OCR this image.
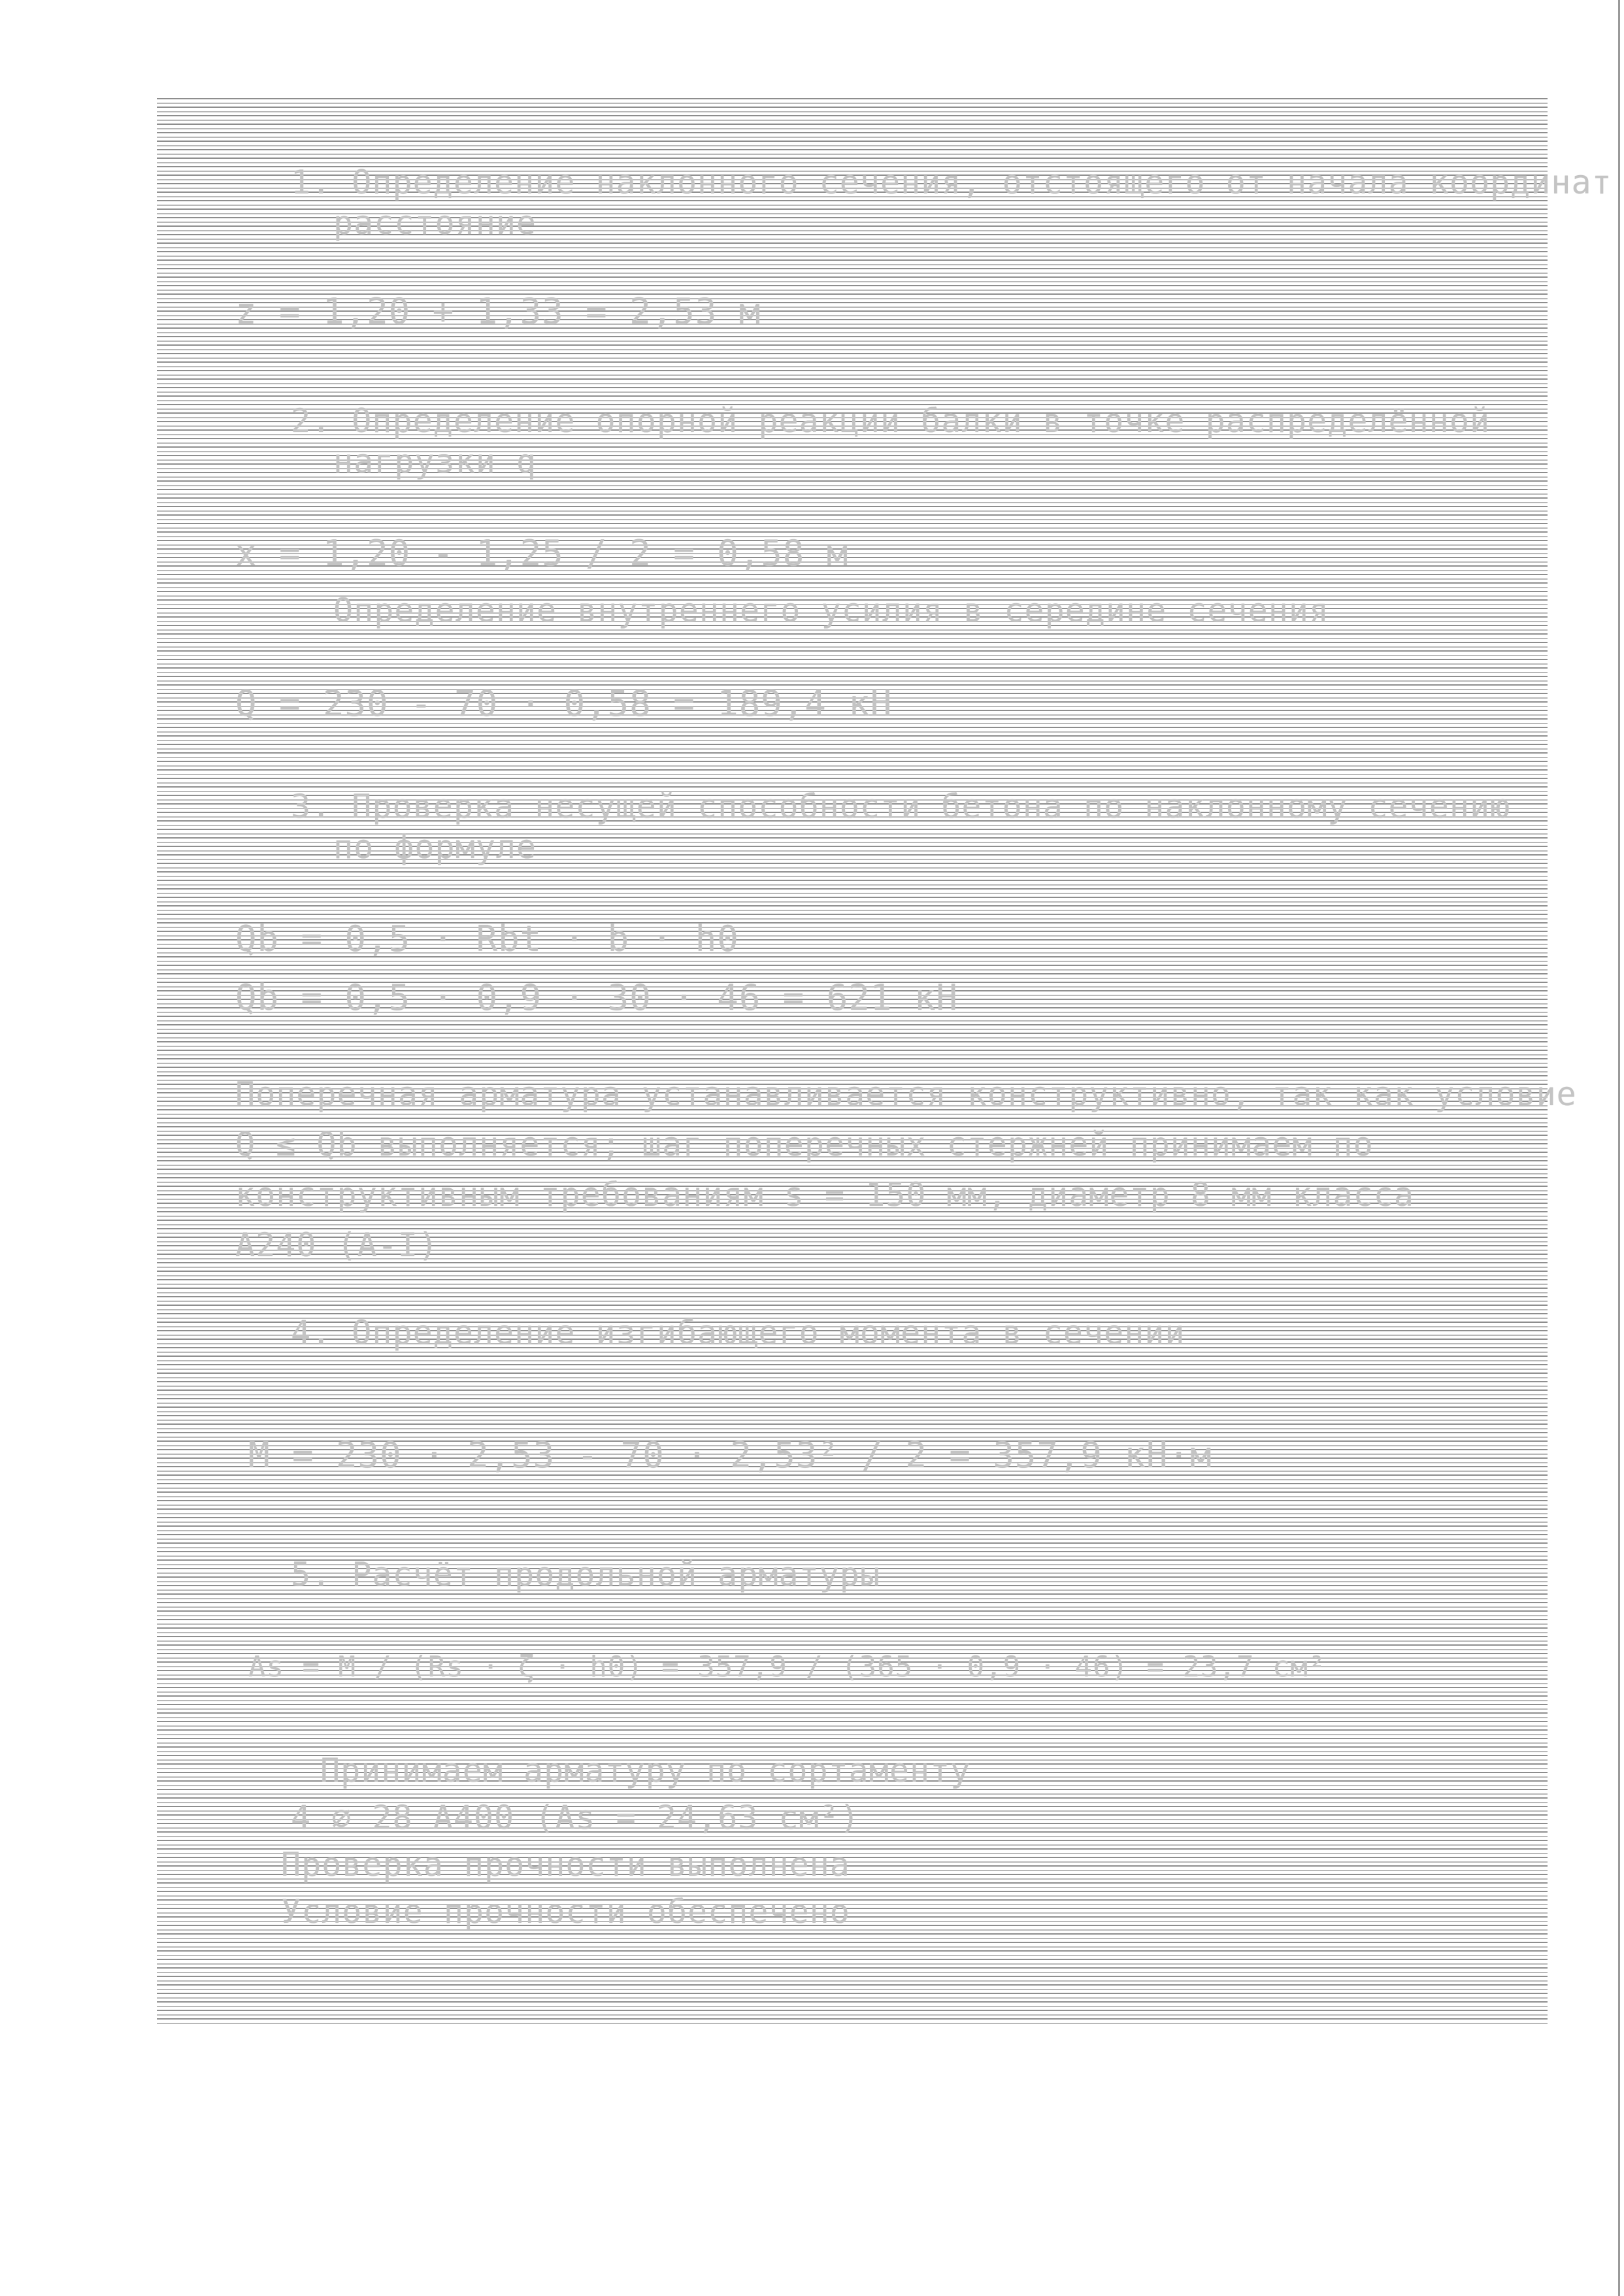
1. Определение наклонного сечения, отстоящего от начала координат
расстояние
z = 1,20 + 1,33 = 2,53 м
2. Определение опорной реакции балки в точке распределённой
нагрузки q
x = 1,20 - 1,25 / 2 = 0,58 м
Определение внутреннего усилия в середине сечения
Q = 230 - 70 · 0,58 = 189,4 кН
3. Проверка несущей способности бетона по наклонному сечению
по формуле
Qb = 0,5 · Rbt · b · h0
Qb = 0,5 · 0,9 · 30 · 46 = 621 кН
Поперечная арматура устанавливается конструктивно, так как условие
Q ≤ Qb выполняется; шаг поперечных стержней принимаем по
конструктивным требованиям s = 150 мм, диаметр 8 мм класса
A240 (А-I)
4. Определение изгибающего момента в сечении
M = 230 · 2,53 - 70 · 2,53² / 2 = 357,9 кН·м
5. Расчёт продольной арматуры
As = M / (Rs · ζ · h0) = 357,9 / (365 · 0,9 · 46) = 23,7 см²
Принимаем арматуру по сортаменту
4 ∅ 28 A400 (As = 24,63 см²)
Проверка прочности выполнена
Условие прочности обеспечено
